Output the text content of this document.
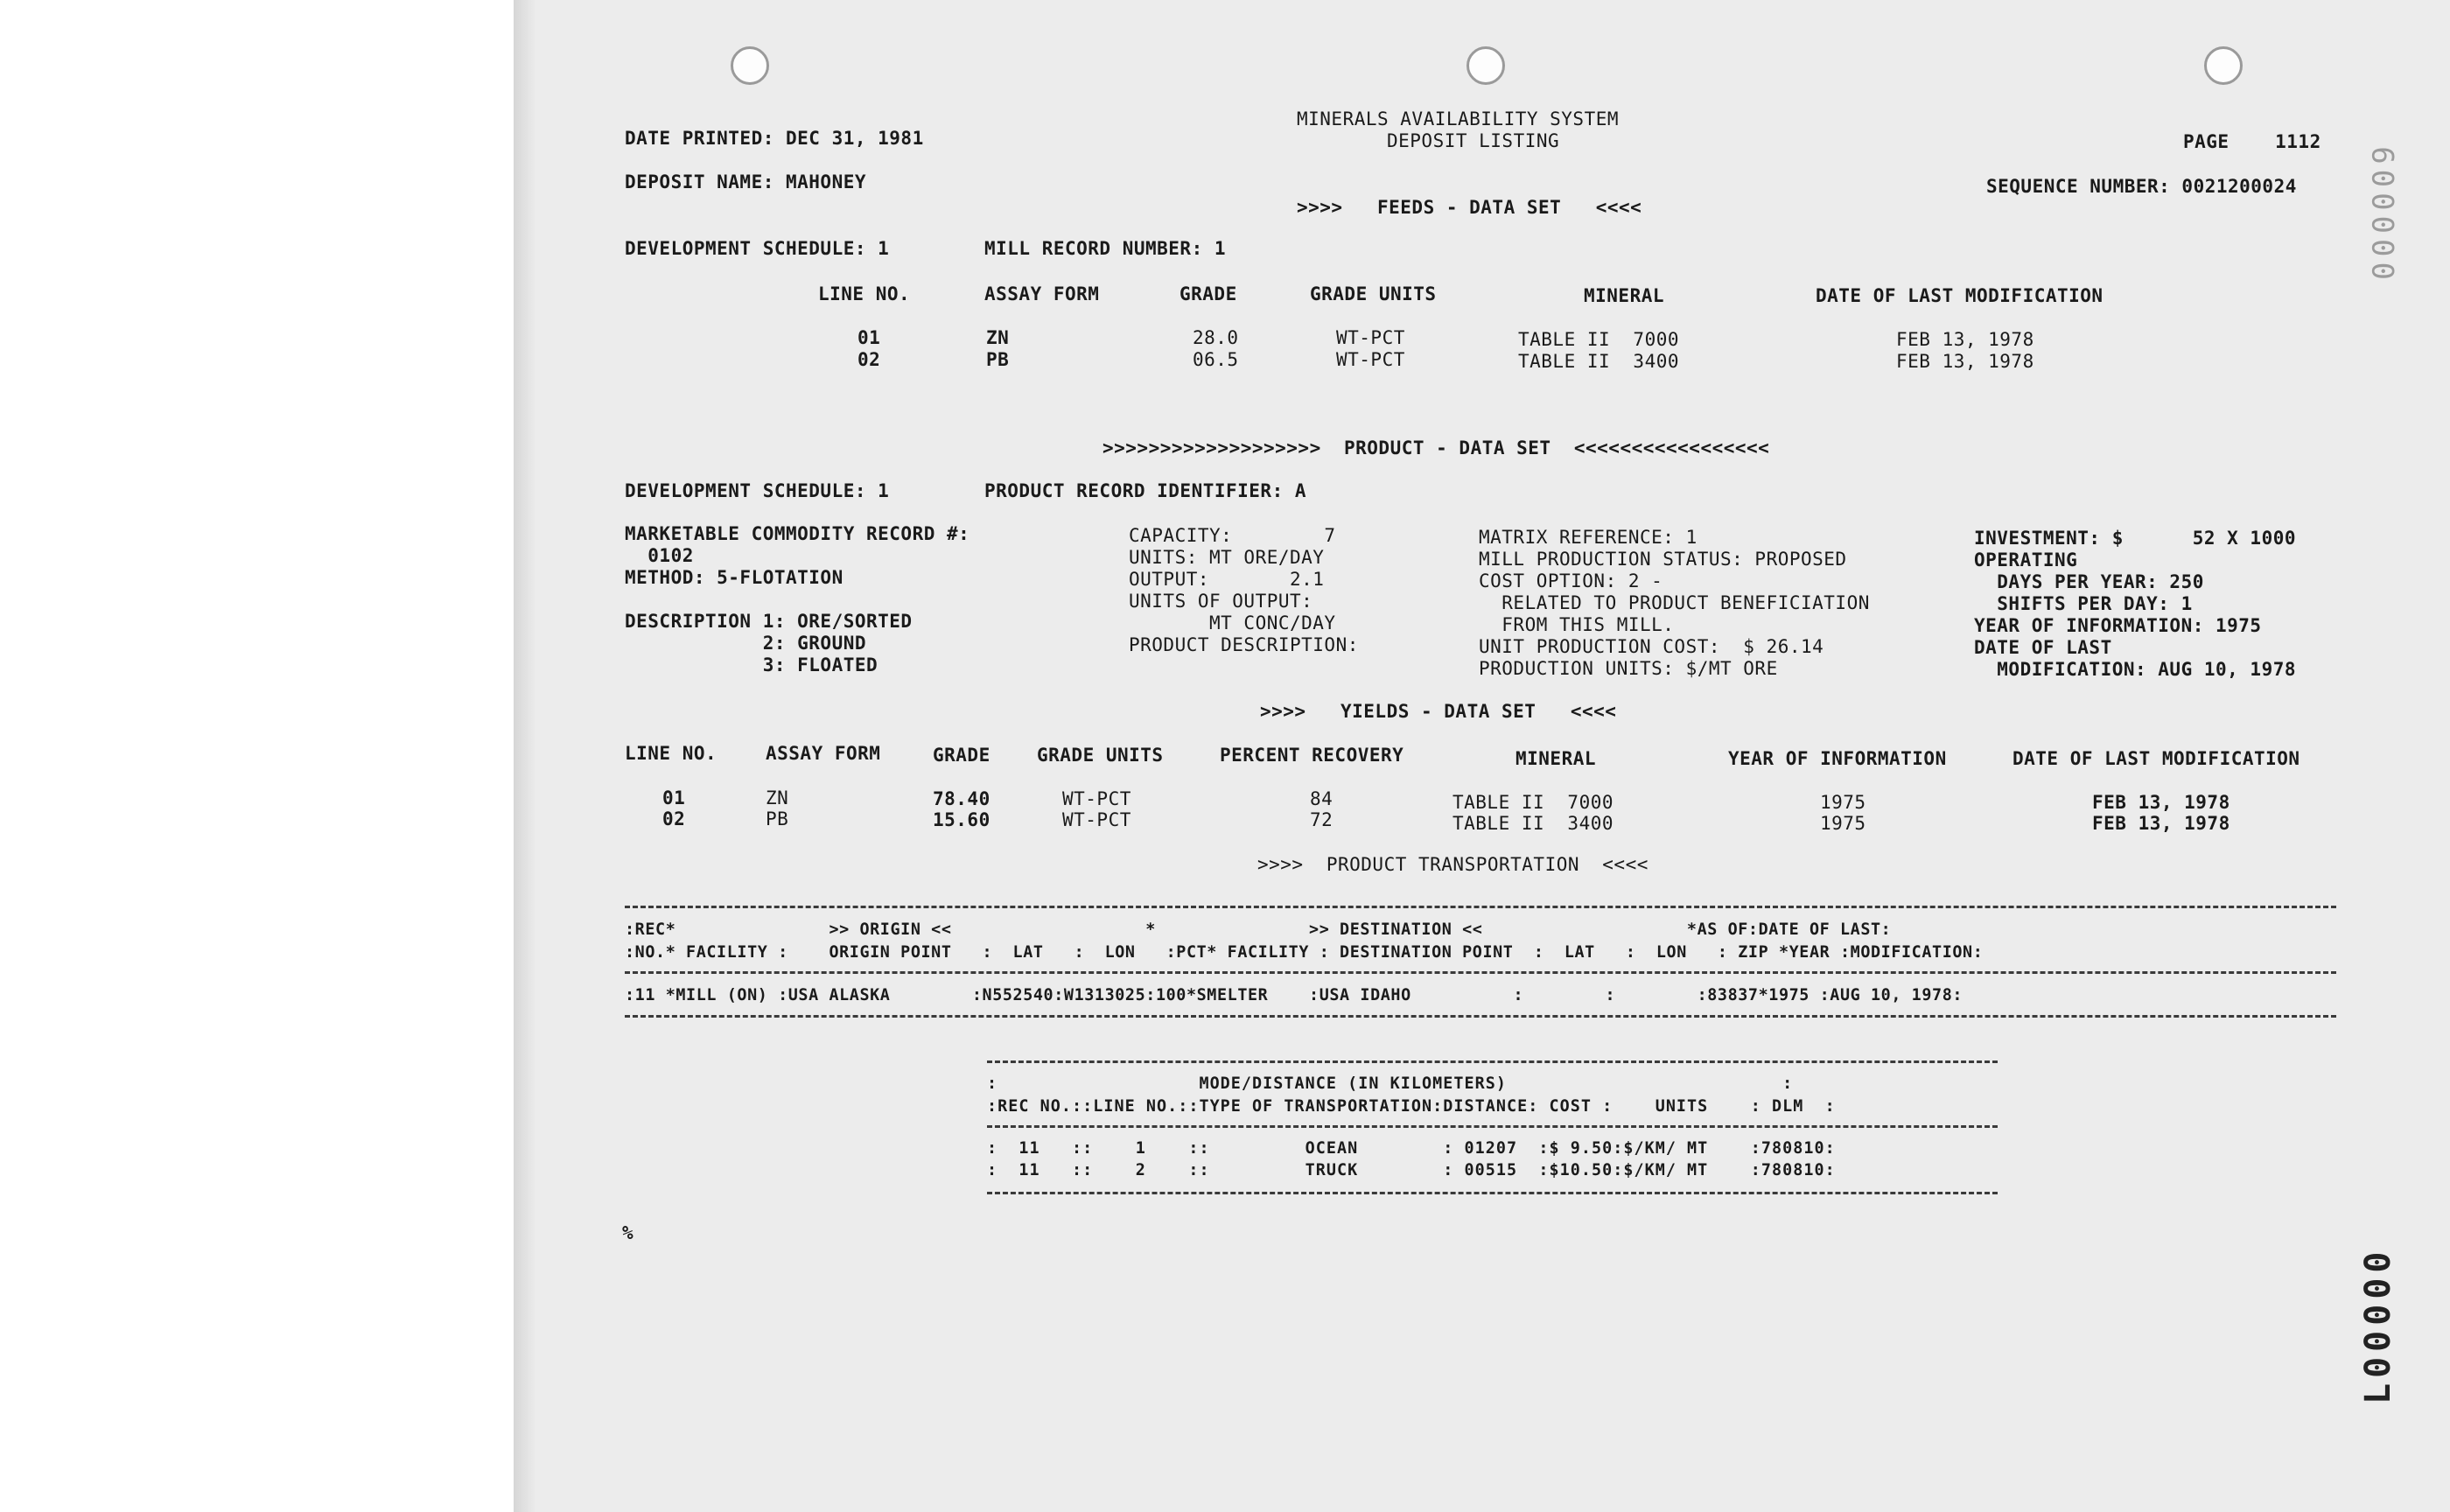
MINERALS AVAILABILITY SYSTEM
DEPOSIT LISTING
DATE PRINTED: DEC 31, 1981	PAGE    1112
DEPOSIT NAME: MAHONEY	SEQUENCE NUMBER: 0021200024
>>>>   FEEDS - DATA SET   <<<<
DEVELOPMENT SCHEDULE: 1	MILL RECORD NUMBER: 1
LINE NO.	ASSAY FORM	GRADE	GRADE UNITS	MINERAL	DATE OF LAST MODIFICATION
01	ZN	28.0	WT-PCT	TABLE II  7000	FEB 13, 1978
02	PB	06.5	WT-PCT	TABLE II  3400	FEB 13, 1978
>>>>>>>>>>>>>>>>>>>  PRODUCT - DATA SET  <<<<<<<<<<<<<<<<<
DEVELOPMENT SCHEDULE: 1	PRODUCT RECORD IDENTIFIER: A
MARKETABLE COMMODITY RECORD #:
0102
METHOD: 5-FLOTATION
DESCRIPTION 1: ORE/SORTED
2: GROUND
3: FLOATED
CAPACITY:        7
UNITS: MT ORE/DAY
OUTPUT:       2.1
UNITS OF OUTPUT:
MT CONC/DAY
PRODUCT DESCRIPTION:
MATRIX REFERENCE: 1
MILL PRODUCTION STATUS: PROPOSED
COST OPTION: 2 -
RELATED TO PRODUCT BENEFICIATION
FROM THIS MILL.
UNIT PRODUCTION COST:  $ 26.14
PRODUCTION UNITS: $/MT ORE
INVESTMENT: $      52 X 1000
OPERATING
DAYS PER YEAR: 250
SHIFTS PER DAY: 1
YEAR OF INFORMATION: 1975
DATE OF LAST
MODIFICATION: AUG 10, 1978
>>>>   YIELDS - DATA SET   <<<<
LINE NO.	ASSAY FORM	GRADE	GRADE UNITS	PERCENT RECOVERY	MINERAL	YEAR OF INFORMATION	DATE OF LAST MODIFICATION
01	ZN	78.40	WT-PCT	84	TABLE II  7000	1975	FEB 13, 1978
02	PB	15.60	WT-PCT	72	TABLE II  3400	1975	FEB 13, 1978
>>>>  PRODUCT TRANSPORTATION  <<<<
:REC*               >> ORIGIN <<                   *               >> DESTINATION <<                    *AS OF:DATE OF LAST:
:NO.* FACILITY :    ORIGIN POINT   :  LAT   :  LON   :PCT* FACILITY : DESTINATION POINT  :  LAT   :  LON   : ZIP *YEAR :MODIFICATION:
:11 *MILL (ON) :USA ALASKA        :N552540:W1313025:100*SMELTER    :USA IDAHO          :        :        :83837*1975 :AUG 10, 1978:
:                   MODE/DISTANCE (IN KILOMETERS)                          :
:REC NO.::LINE NO.::TYPE OF TRANSPORTATION:DISTANCE: COST :    UNITS    : DLM  :
:  11   ::    1    ::         OCEAN        : 01207  :$ 9.50:$/KM/ MT    :780810:
:  11   ::    2    ::         TRUCK        : 00515  :$10.50:$/KM/ MT    :780810:
%
000009
L00000
